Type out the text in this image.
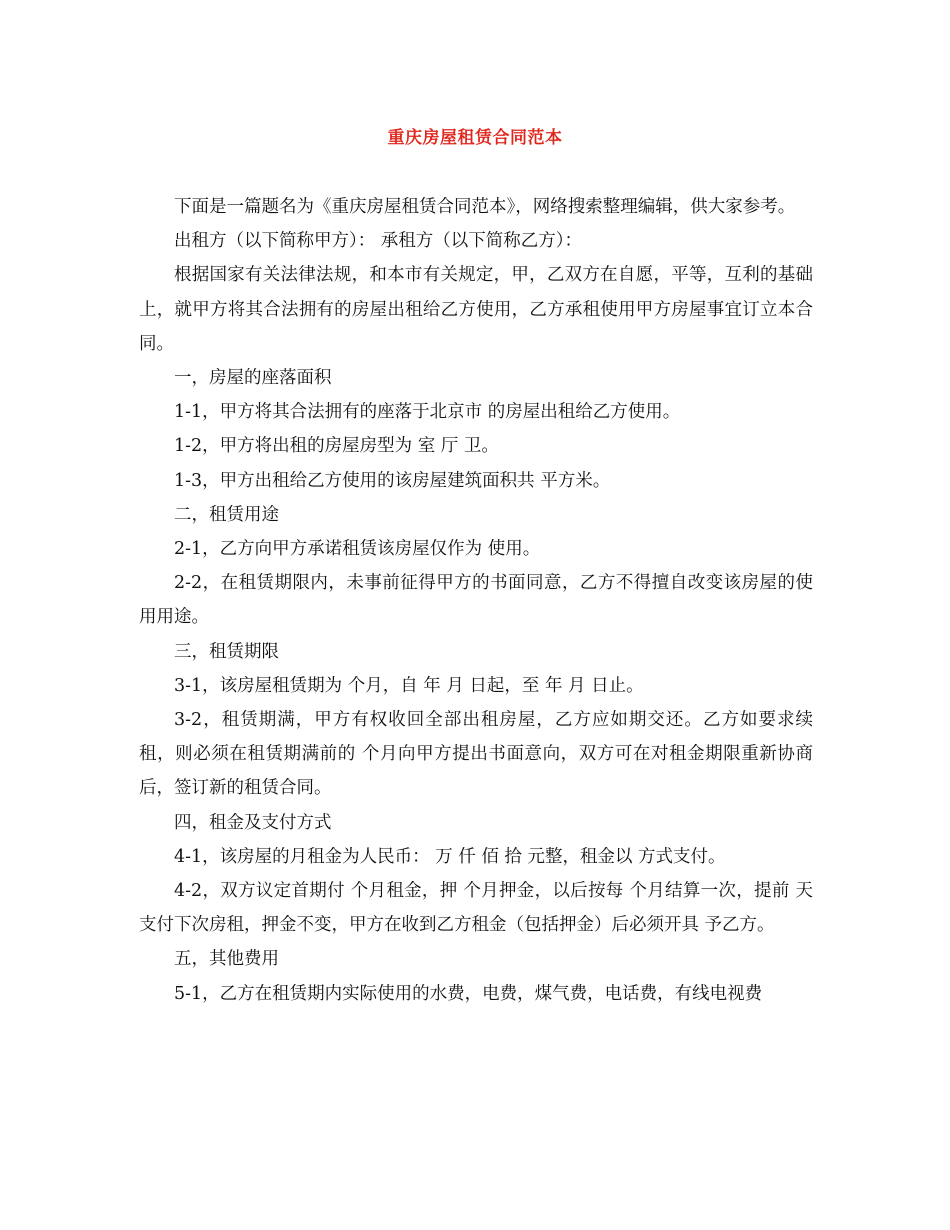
重庆房屋租赁合同范本

下面是一篇题名为《重庆房屋租赁合同范本》，网络搜索整理编辑，供大家参考。

出租方（以下简称甲方）： 承租方（以下简称乙方）：

根据国家有关法律法规，和本市有关规定，甲，乙双方在自愿，平等，互利的基础上，就甲方将其合法拥有的房屋出租给乙方使用，乙方承租使用甲方房屋事宜订立本合同。

一，房屋的座落面积

1-1，甲方将其合法拥有的座落于北京市 的房屋出租给乙方使用。

1-2，甲方将出租的房屋房型为 室 厅 卫。

1-3，甲方出租给乙方使用的该房屋建筑面积共 平方米。

二，租赁用途

2-1，乙方向甲方承诺租赁该房屋仅作为 使用。

2-2，在租赁期限内，未事前征得甲方的书面同意，乙方不得擅自改变该房屋的使用用途。

三，租赁期限

3-1，该房屋租赁期为 个月，自 年 月 日起，至 年 月 日止。

3-2，租赁期满，甲方有权收回全部出租房屋，乙方应如期交还。乙方如要求续租，则必须在租赁期满前的 个月向甲方提出书面意向，双方可在对租金期限重新协商后，签订新的租赁合同。

四，租金及支付方式

4-1，该房屋的月租金为人民币： 万 仟 佰 拾 元整，租金以 方式支付。

4-2，双方议定首期付 个月租金，押 个月押金，以后按每 个月结算一次，提前 天支付下次房租，押金不变，甲方在收到乙方租金（包括押金）后必须开具 予乙方。

五，其他费用

5-1，乙方在租赁期内实际使用的水费，电费，煤气费，电话费，有线电视费
